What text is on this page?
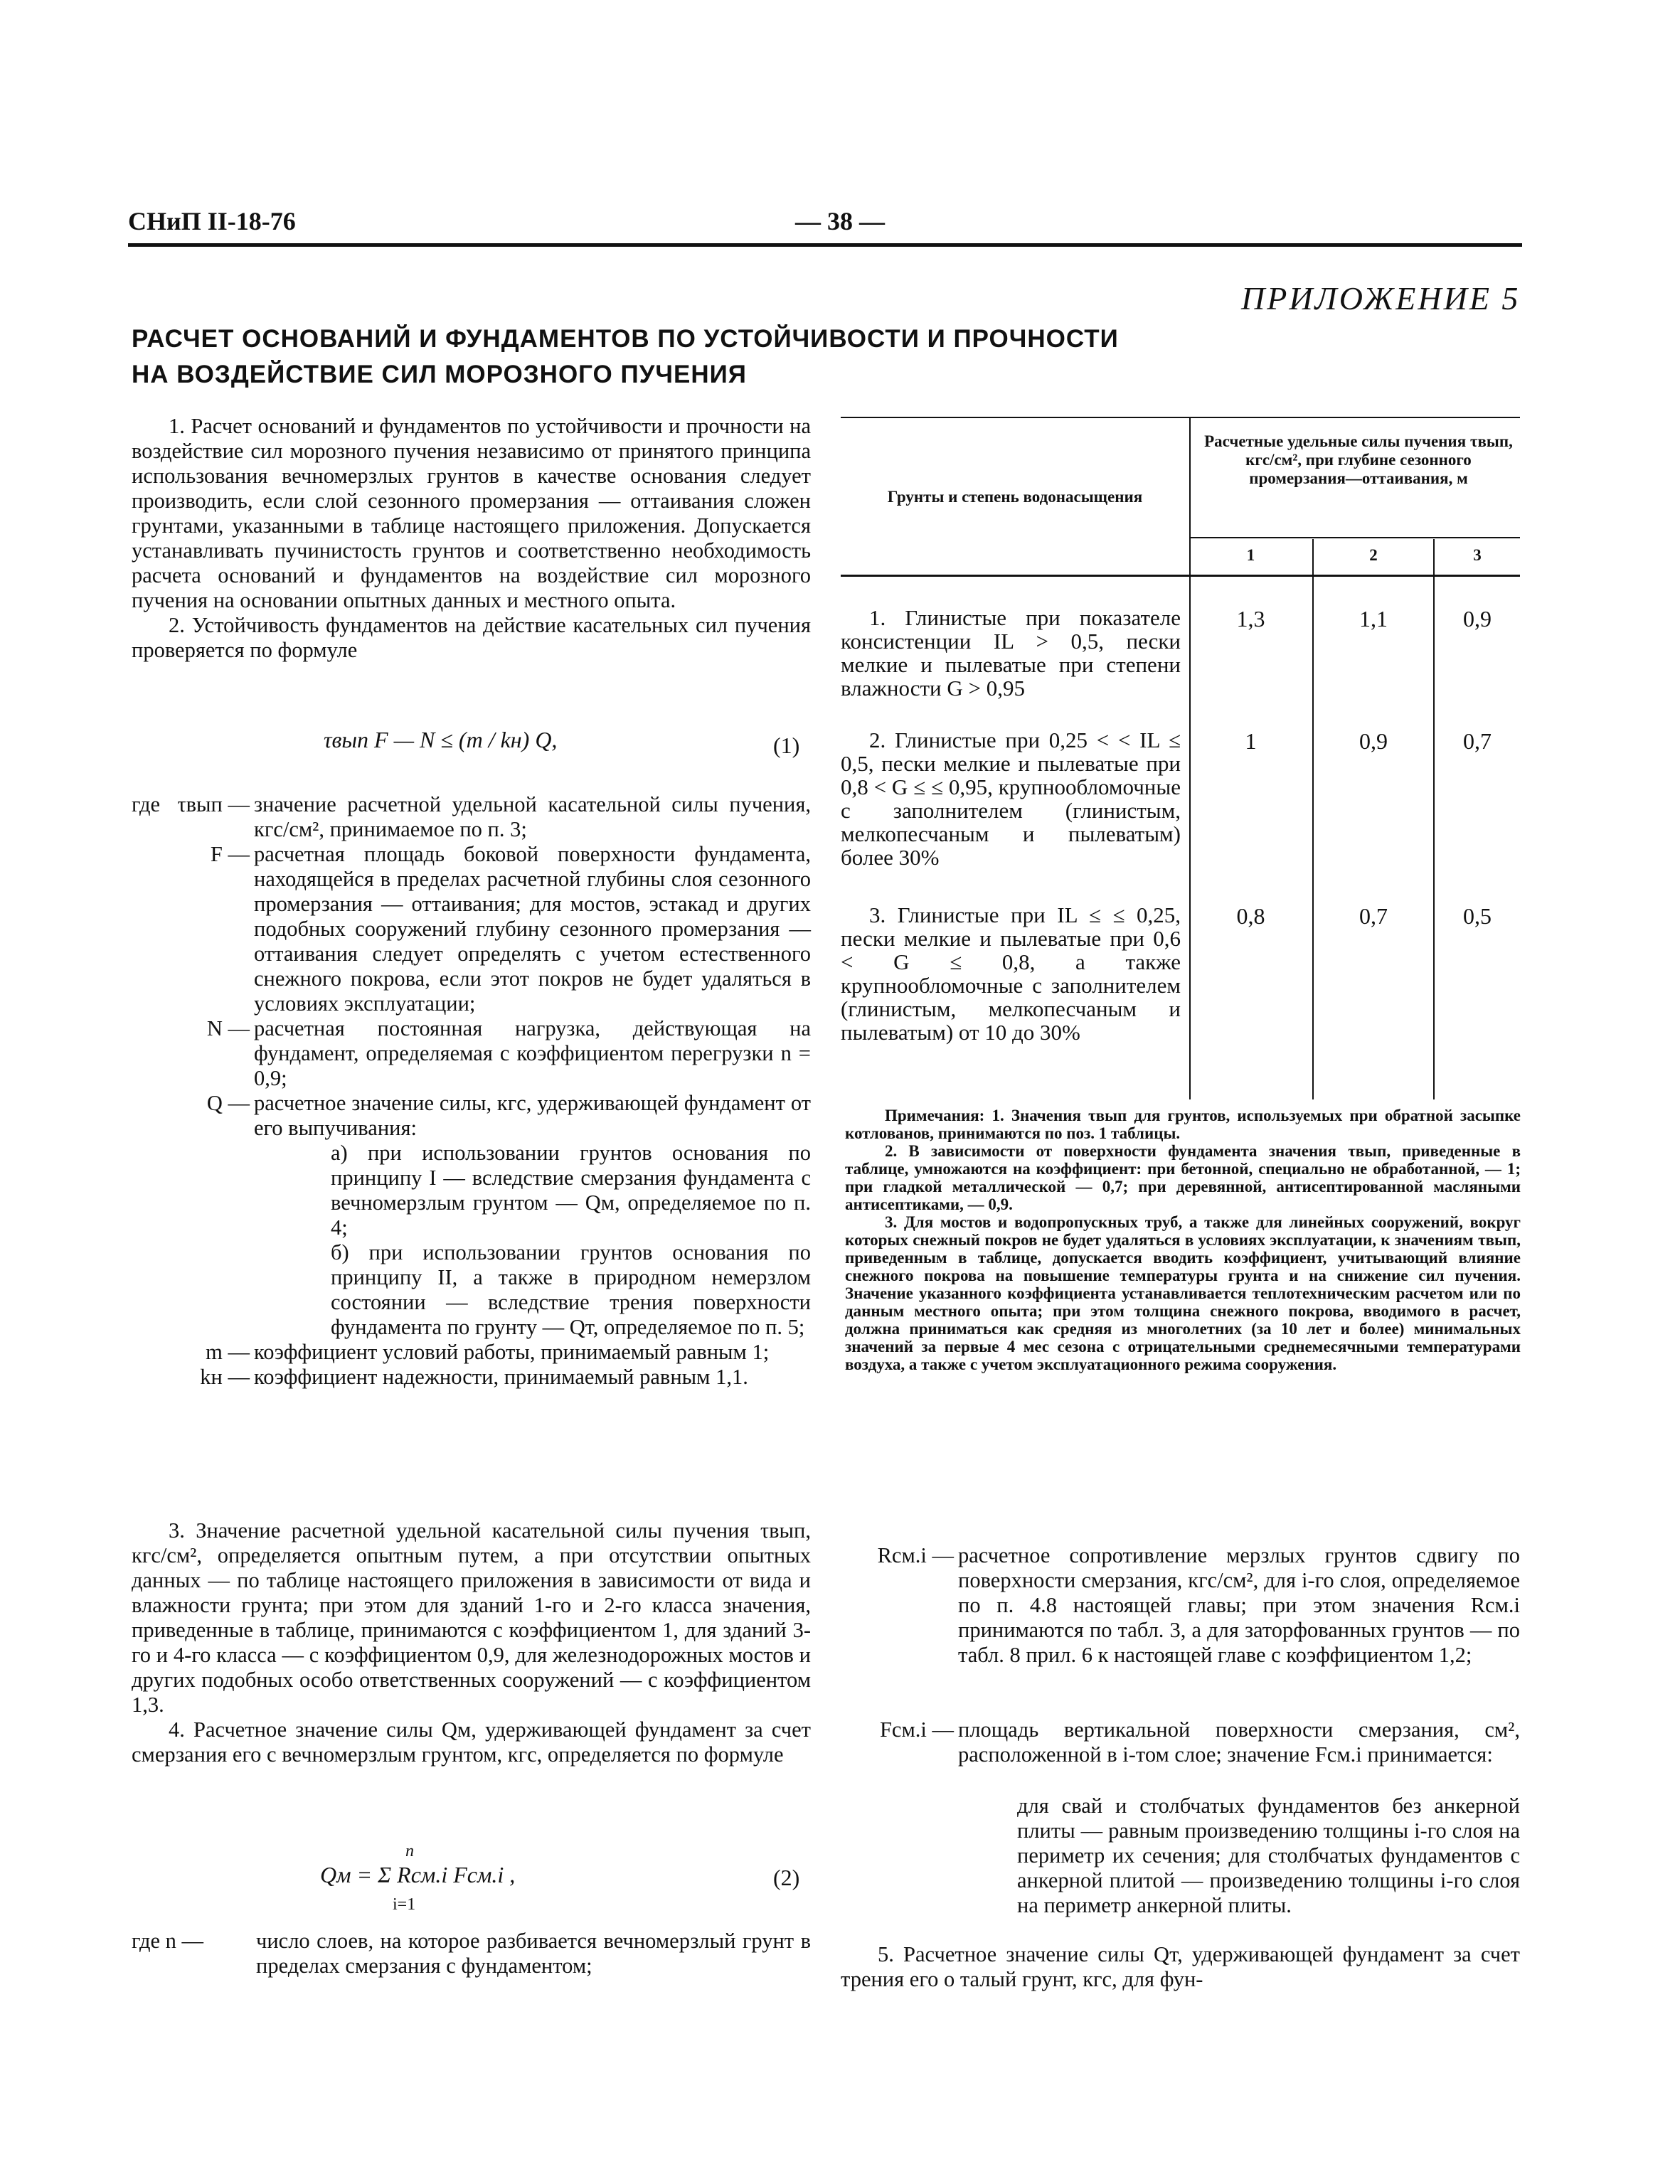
СНиП II-18-76	— 38 —
ПРИЛОЖЕНИЕ 5
РАСЧЕТ ОСНОВАНИЙ И ФУНДАМЕНТОВ ПО УСТОЙЧИВОСТИ И ПРОЧНОСТИ
НА ВОЗДЕЙСТВИЕ СИЛ МОРОЗНОГО ПУЧЕНИЯ

1. Расчет оснований и фундаментов по устойчивости и прочности на воздействие сил морозного пучения независимо от принятого принципа использования вечномерзлых грунтов в качестве основания следует производить, если слой сезонного промерзания — оттаивания сложен грунтами, указанными в таблице настоящего приложения. Допускается устанавливать пучинистость грунтов и соответственно необходимость расчета оснований и фундаментов на воздействие сил морозного пучения на основании опытных данных и местного опыта.

2. Устойчивость фундаментов на действие касательных сил пучения проверяется по формуле

τвып F — N ≤ (m / kн) Q,	(1)
где τвып — значение расчетной удельной касательной силы пучения, кгс/см², принимаемое по п. 3;
F — расчетная площадь боковой поверхности фундамента, находящейся в пределах расчетной глубины слоя сезонного промерзания — оттаивания; для мостов, эстакад и других подобных сооружений глубину сезонного промерзания — оттаивания следует определять с учетом естественного снежного покрова, если этот покров не будет удаляться в условиях эксплуатации;
N — расчетная постоянная нагрузка, действующая на фундамент, определяемая с коэффициентом перегрузки n = 0,9;
Q — расчетное значение силы, кгс, удерживающей фундамент от его выпучивания:
а) при использовании грунтов основания по принципу I — вследствие смерзания фундамента с вечномерзлым грунтом — Qм, определяемое по п. 4;
б) при использовании грунтов основания по принципу II, а также в природном немерзлом состоянии — вследствие трения поверхности фундамента по грунту — Qт, определяемое по п. 5;
m — коэффициент условий работы, принимаемый равным 1;
kн — коэффициент надежности, принимаемый равным 1,1.

3. Значение расчетной удельной касательной силы пучения τвып, кгс/см², определяется опытным путем, а при отсутствии опытных данных — по таблице настоящего приложения в зависимости от вида и влажности грунта; при этом для зданий 1-го и 2-го класса значения, приведенные в таблице, принимаются с коэффициентом 1, для зданий 3-го и 4-го класса — с коэффициентом 0,9, для железнодорожных мостов и других подобных особо ответственных сооружений — с коэффициентом 1,3.

4. Расчетное значение силы Qм, удерживающей фундамент за счет смерзания его с вечномерзлым грунтом, кгс, определяется по формуле

n
Qм = Σ Rсм.i Fсм.i ,
i=1
(2)
где n —	число слоев, на которое разбивается вечномерзлый грунт в пределах смерзания с фундаментом;
Грунты и степень водонасыщения
Расчетные удельные силы пучения τвып, кгс/см², при глубине сезонного промерзания—оттаивания, м
1	2	3
1. Глинистые при показателе консистенции IL > 0,5, пески мелкие и пылеватые при степени влажности G > 0,95
1,3	1,1	0,9
2. Глинистые при 0,25 < < IL ≤ 0,5, пески мелкие и пылеватые при 0,8 < G ≤ ≤ 0,95, крупнообломочные с заполнителем (глинистым, мелкопесчаным и пылеватым) более 30%
1	0,9	0,7
3. Глинистые при IL ≤ ≤ 0,25, пески мелкие и пылеватые при 0,6 < G ≤ 0,8, а также крупнообломочные с заполнителем (глинистым, мелкопесчаным и пылеватым) от 10 до 30%
0,8	0,7	0,5

Примечания: 1. Значения τвып для грунтов, используемых при обратной засыпке котлованов, принимаются по поз. 1 таблицы.

2. В зависимости от поверхности фундамента значения τвып, приведенные в таблице, умножаются на коэффициент: при бетонной, специально не обработанной, — 1; при гладкой металлической — 0,7; при деревянной, антисептированной масляными антисептиками, — 0,9.

3. Для мостов и водопропускных труб, а также для линейных сооружений, вокруг которых снежный покров не будет удаляться в условиях эксплуатации, к значениям τвып, приведенным в таблице, допускается вводить коэффициент, учитывающий влияние снежного покрова на повышение температуры грунта и на снижение сил пучения. Значение указанного коэффициента устанавливается теплотехническим расчетом или по данным местного опыта; при этом толщина снежного покрова, вводимого в расчет, должна приниматься как средняя из многолетних (за 10 лет и более) минимальных значений за первые 4 мес сезона с отрицательными среднемесячными температурами воздуха, а также с учетом эксплуатационного режима сооружения.

Rсм.i — расчетное сопротивление мерзлых грунтов сдвигу по поверхности смерзания, кгс/см², для i-го слоя, определяемое по п. 4.8 настоящей главы; при этом значения Rсм.i принимаются по табл. 3, а для заторфованных грунтов — по табл. 8 прил. 6 к настоящей главе с коэффициентом 1,2;
Fсм.i — площадь вертикальной поверхности смерзания, см², расположенной в i-том слое; значение Fсм.i принимается:
для свай и столбчатых фундаментов без анкерной плиты — равным произведению толщины i-го слоя на периметр их сечения; для столбчатых фундаментов с анкерной плитой — произведению толщины i-го слоя на периметр анкерной плиты.
5. Расчетное значение силы Qт, удерживающей фундамент за счет трения его о талый грунт, кгс, для фун-
